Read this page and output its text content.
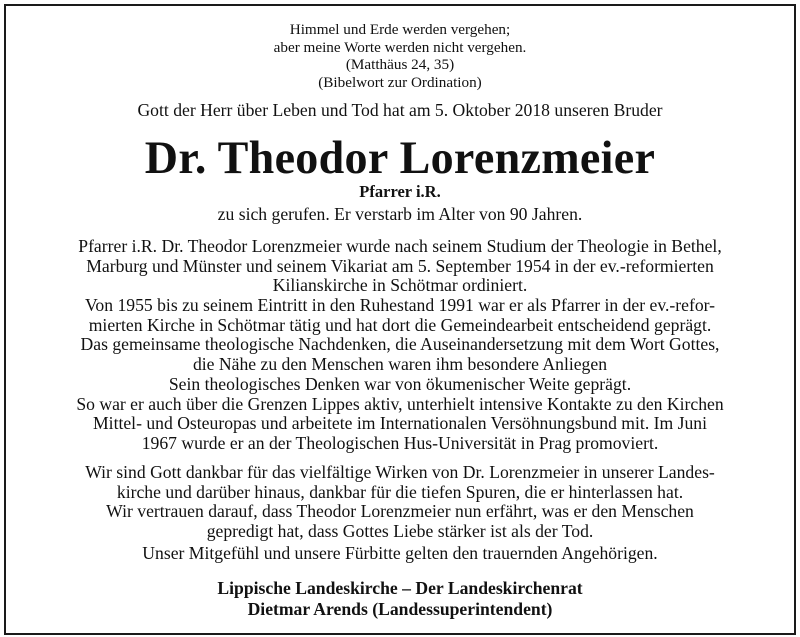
Himmel und Erde werden vergehen;
aber meine Worte werden nicht vergehen.
(Matthäus 24, 35)
(Bibelwort zur Ordination)
Gott der Herr über Leben und Tod hat am 5. Oktober 2018 unseren Bruder
Dr. Theodor Lorenzmeier
Pfarrer i.R.
zu sich gerufen. Er verstarb im Alter von 90 Jahren.
Pfarrer i.R. Dr. Theodor Lorenzmeier wurde nach seinem Studium der Theologie in Bethel,
Marburg und Münster und seinem Vikariat am 5. September 1954 in der ev.-reformierten
Kilianskirche in Schötmar ordiniert.
Von 1955 bis zu seinem Eintritt in den Ruhestand 1991 war er als Pfarrer in der ev.-refor-
mierten Kirche in Schötmar tätig und hat dort die Gemeindearbeit entscheidend geprägt.
Das gemeinsame theologische Nachdenken, die Auseinandersetzung mit dem Wort Gottes,
die Nähe zu den Menschen waren ihm besondere Anliegen
Sein theologisches Denken war von ökumenischer Weite geprägt.
So war er auch über die Grenzen Lippes aktiv, unterhielt intensive Kontakte zu den Kirchen
Mittel- und Osteuropas und arbeitete im Internationalen Versöhnungsbund mit. Im Juni
1967 wurde er an der Theologischen Hus-Universität in Prag promoviert.
Wir sind Gott dankbar für das vielfältige Wirken von Dr. Lorenzmeier in unserer Landes-
kirche und darüber hinaus, dankbar für die tiefen Spuren, die er hinterlassen hat.
Wir vertrauen darauf, dass Theodor Lorenzmeier nun erfährt, was er den Menschen
gepredigt hat, dass Gottes Liebe stärker ist als der Tod.
Unser Mitgefühl und unsere Fürbitte gelten den trauernden Angehörigen.
Lippische Landeskirche – Der Landeskirchenrat
Dietmar Arends (Landessuperintendent)
